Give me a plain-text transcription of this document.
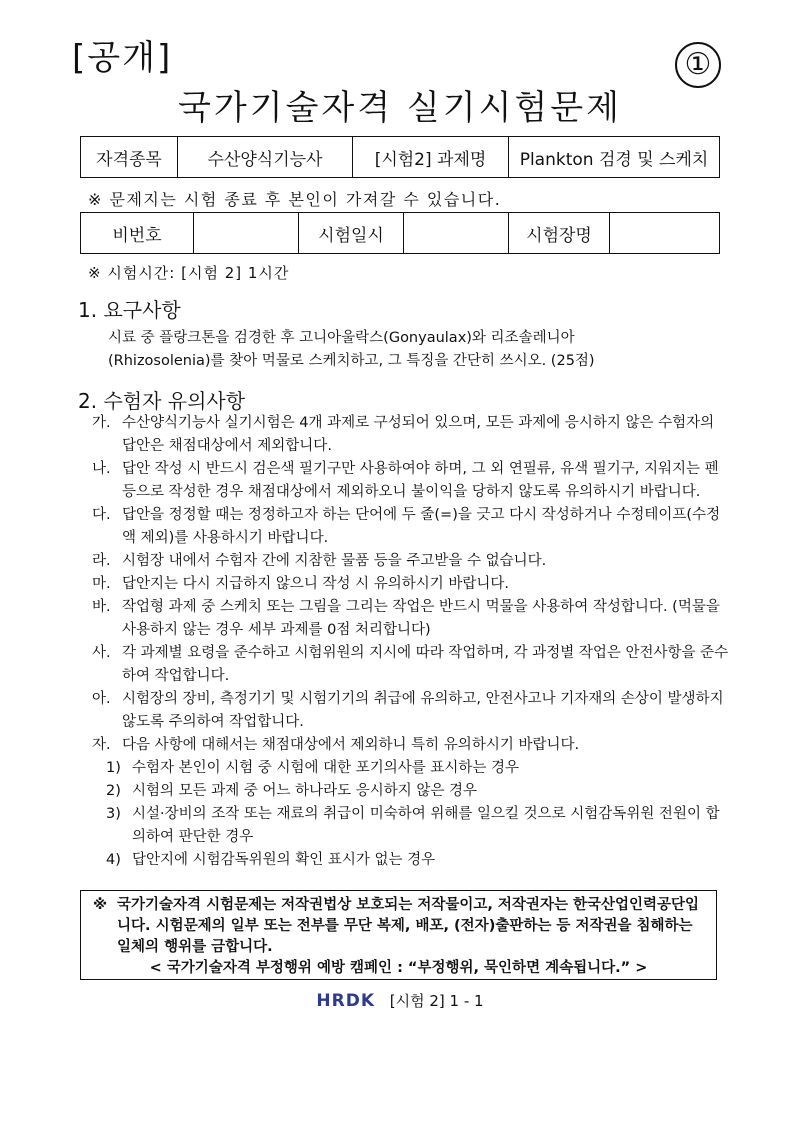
[공개]	①
국가기술자격 실기시험문제
자격종목	수산양식기능사	[시험2] 과제명	Plankton 검경 및 스케치
※ 문제지는 시험 종료 후 본인이 가져갈 수 있습니다.
비번호		시험일시		시험장명	
※ 시험시간: [시험 2] 1시간
1. 요구사항
시료 중 플랑크톤을 검경한 후 고니아울락스(Gonyaulax)와 리조솔레니아
(Rhizosolenia)를 찾아 먹물로 스케치하고, 그 특징을 간단히 쓰시오. (25점)
2. 수험자 유의사항
가. 수산양식기능사 실기시험은 4개 과제로 구성되어 있으며, 모든 과제에 응시하지 않은 수험자의 답안은 채점대상에서 제외합니다.
나. 답안 작성 시 반드시 검은색 필기구만 사용하여야 하며, 그 외 연필류, 유색 필기구, 지워지는 펜 등으로 작성한 경우 채점대상에서 제외하오니 불이익을 당하지 않도록 유의하시기 바랍니다.
다. 답안을 정정할 때는 정정하고자 하는 단어에 두 줄(=)을 긋고 다시 작성하거나 수정테이프(수정액 제외)를 사용하시기 바랍니다.
라. 시험장 내에서 수험자 간에 지참한 물품 등을 주고받을 수 없습니다.
마. 답안지는 다시 지급하지 않으니 작성 시 유의하시기 바랍니다.
바. 작업형 과제 중 스케치 또는 그림을 그리는 작업은 반드시 먹물을 사용하여 작성합니다. (먹물을 사용하지 않는 경우 세부 과제를 0점 처리합니다)
사. 각 과제별 요령을 준수하고 시험위원의 지시에 따라 작업하며, 각 과정별 작업은 안전사항을 준수하여 작업합니다.
아. 시험장의 장비, 측정기기 및 시험기기의 취급에 유의하고, 안전사고나 기자재의 손상이 발생하지 않도록 주의하여 작업합니다.
자. 다음 사항에 대해서는 채점대상에서 제외하니 특히 유의하시기 바랍니다.
1) 수험자 본인이 시험 중 시험에 대한 포기의사를 표시하는 경우
2) 시험의 모든 과제 중 어느 하나라도 응시하지 않은 경우
3) 시설·장비의 조작 또는 재료의 취급이 미숙하여 위해를 일으킬 것으로 시험감독위원 전원이 합의하여 판단한 경우
4) 답안지에 시험감독위원의 확인 표시가 없는 경우
※ 국가기술자격 시험문제는 저작권법상 보호되는 저작물이고, 저작권자는 한국산업인력공단입니다. 시험문제의 일부 또는 전부를 무단 복제, 배포, (전자)출판하는 등 저작권을 침해하는 일체의 행위를 금합니다.
< 국가기술자격 부정행위 예방 캠페인 : “부정행위, 묵인하면 계속됩니다.” >
HRDK [시험 2] 1 - 1
